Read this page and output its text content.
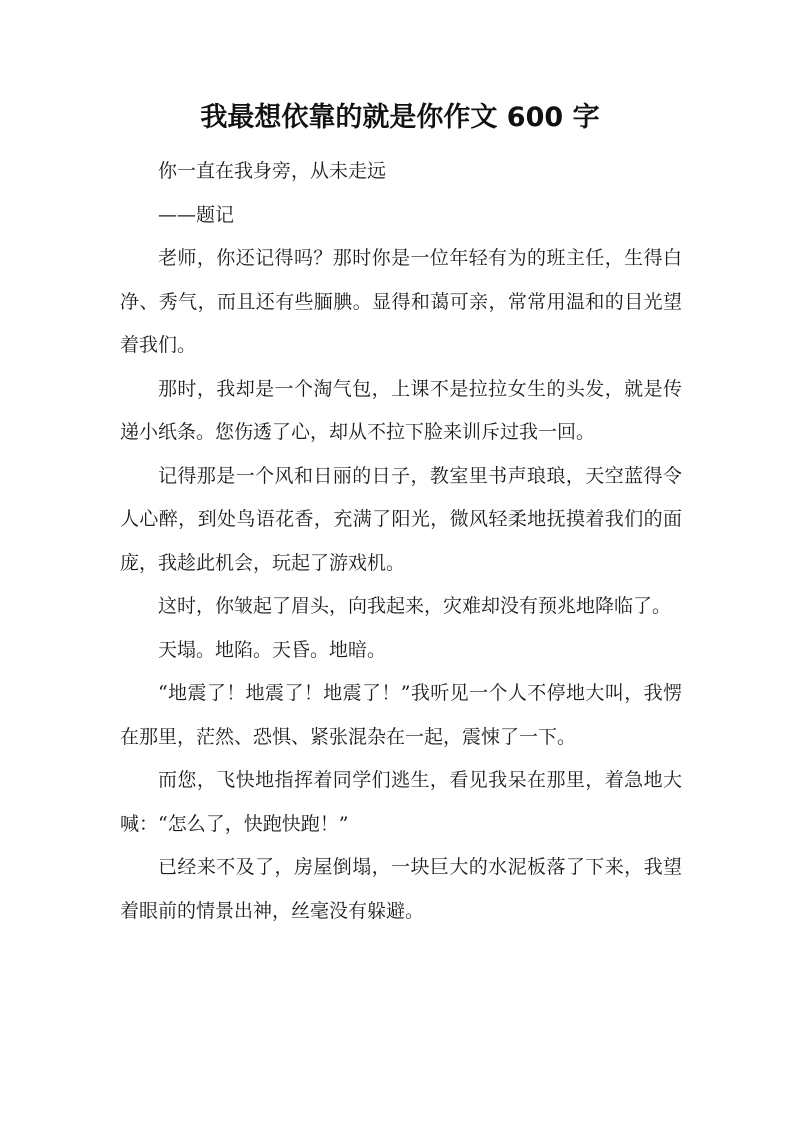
我最想依靠的就是你作文 600 字

你一直在我身旁，从未走远

——题记

老师，你还记得吗？那时你是一位年轻有为的班主任，生得白净、秀气，而且还有些腼腆。显得和蔼可亲，常常用温和的目光望着我们。

那时，我却是一个淘气包，上课不是拉拉女生的头发，就是传递小纸条。您伤透了心，却从不拉下脸来训斥过我一回。

记得那是一个风和日丽的日子，教室里书声琅琅，天空蓝得令人心醉，到处鸟语花香，充满了阳光，微风轻柔地抚摸着我们的面庞，我趁此机会，玩起了游戏机。

这时，你皱起了眉头，向我起来，灾难却没有预兆地降临了。

天塌。地陷。天昏。地暗。

“地震了！地震了！地震了！”我听见一个人不停地大叫，我愣在那里，茫然、恐惧、紧张混杂在一起，震悚了一下。

而您，飞快地指挥着同学们逃生，看见我呆在那里，着急地大喊：“怎么了，快跑快跑！”

已经来不及了，房屋倒塌，一块巨大的水泥板落了下来，我望着眼前的情景出神，丝毫没有躲避。
